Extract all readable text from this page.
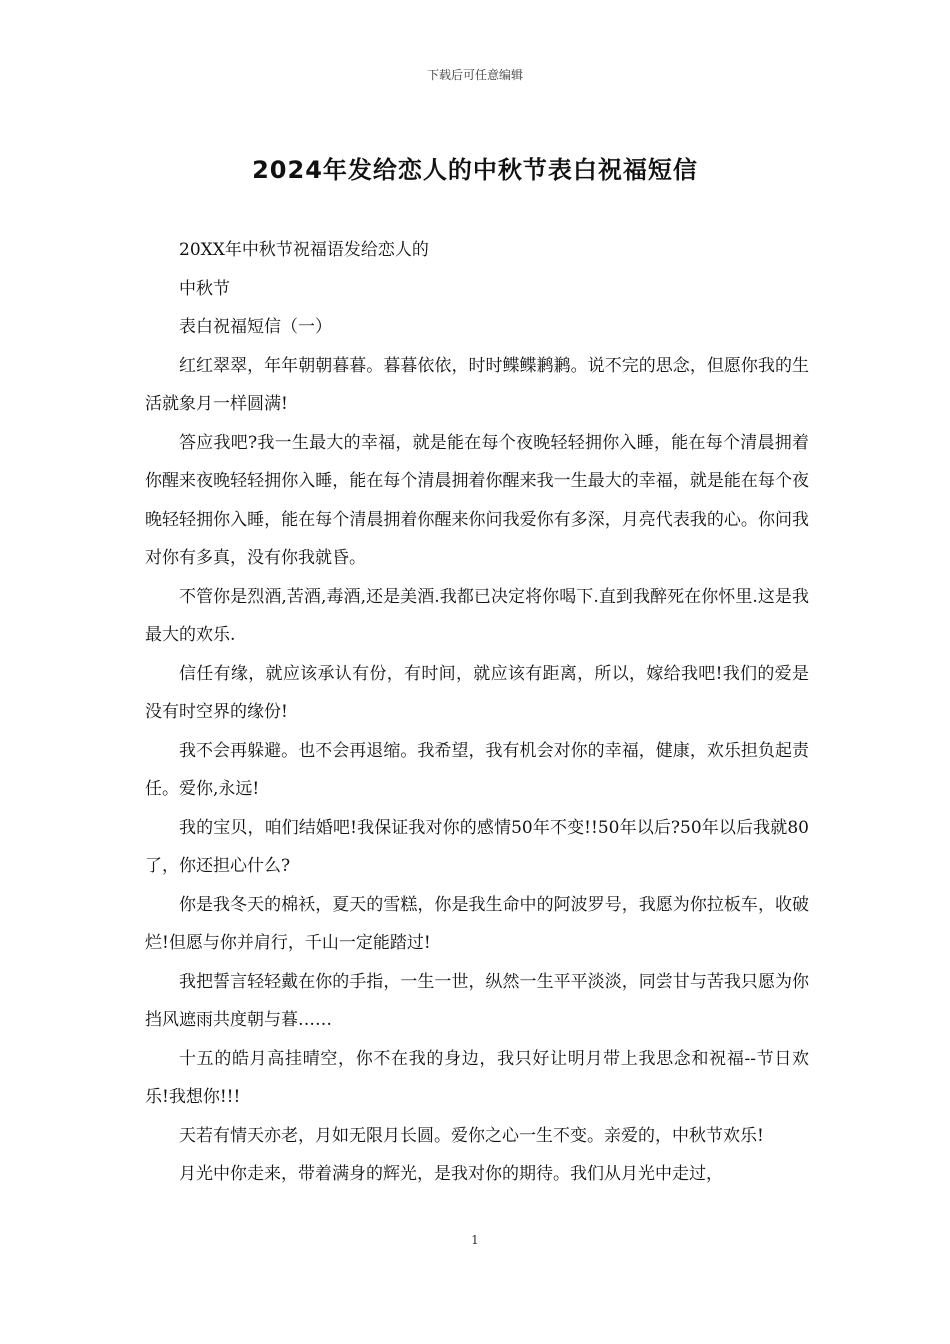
下载后可任意编辑
2024年发给恋人的中秋节表白祝福短信

20XX年中秋节祝福语发给恋人的

中秋节

表白祝福短信（一）

红红翠翠，年年朝朝暮暮。暮暮依依，时时鲽鲽鹣鹣。说不完的思念，但愿你我的生活就象月一样圆满!

答应我吧?我一生最大的幸福，就是能在每个夜晚轻轻拥你入睡，能在每个清晨拥着你醒来夜晚轻轻拥你入睡，能在每个清晨拥着你醒来我一生最大的幸福，就是能在每个夜晚轻轻拥你入睡，能在每个清晨拥着你醒来你问我爱你有多深，月亮代表我的心。你问我对你有多真，没有你我就昏。

不管你是烈酒,苦酒,毒酒,还是美酒.我都已决定将你喝下.直到我醉死在你怀里.这是我最大的欢乐.

信任有缘，就应该承认有份，有时间，就应该有距离，所以，嫁给我吧!我们的爱是没有时空界的缘份!

我不会再躲避。也不会再退缩。我希望，我有机会对你的幸福，健康，欢乐担负起责任。爱你,永远!

我的宝贝，咱们结婚吧!我保证我对你的感情50年不变!!50年以后?50年以后我就80了，你还担心什么?

你是我冬天的棉袄，夏天的雪糕，你是我生命中的阿波罗号，我愿为你拉板车，收破烂!但愿与你并肩行，千山一定能踏过!

我把誓言轻轻戴在你的手指，一生一世，纵然一生平平淡淡，同尝甘与苦我只愿为你挡风遮雨共度朝与暮……

十五的皓月高挂晴空，你不在我的身边，我只好让明月带上我思念和祝福--节日欢乐!我想你!!!

天若有情天亦老，月如无限月长圆。爱你之心一生不变。亲爱的，中秋节欢乐!

月光中你走来，带着满身的辉光，是我对你的期待。我们从月光中走过，

1
